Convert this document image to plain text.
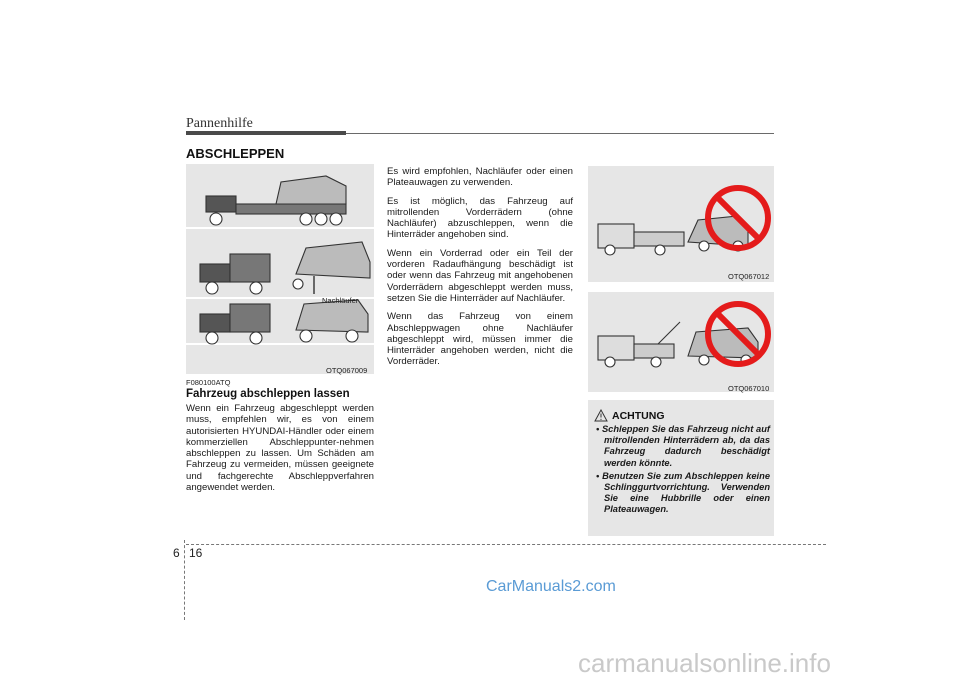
Pannenhilfe
ABSCHLEPPEN
Nachläufer
OTQ067009
OTQ067012
OTQ067010
F080100ATQ
Fahrzeug abschleppen lassen
Wenn ein Fahrzeug abgeschleppt werden muss, empfehlen wir, es von einem autorisierten HYUNDAI-Händler oder einem kommerziellen Abschleppunter-nehmen abschleppen zu lassen. Um Schäden am Fahrzeug zu vermeiden, müssen geeignete und fachgerechte Abschleppverfahren angewendet werden.

Es wird empfohlen, Nachläufer oder einen Plateauwagen zu verwenden.

Es ist möglich, das Fahrzeug auf mitrollenden Vorderrädern (ohne Nachläufer) abzuschleppen, wenn die Hinterräder angehoben sind.

Wenn ein Vorderrad oder ein Teil der vorderen Radaufhängung beschädigt ist oder wenn das Fahrzeug mit angehobenen Vorderrädern abgeschleppt werden muss, setzen Sie die Hinterräder auf Nachläufer.

Wenn das Fahrzeug von einem Abschleppwagen ohne Nachläufer abgeschleppt wird, müssen immer die Hinterräder angehoben werden, nicht die Vorderräder.

ACHTUNG
• Schleppen Sie das Fahrzeug nicht auf mitrollenden Hinterrädern ab, da das Fahrzeug dadurch beschädigt werden könnte.
• Benutzen Sie zum Abschleppen keine Schlinggurtvorrichtung. Verwenden Sie eine Hubbrille oder einen Plateauwagen.
6 16
CarManuals2.com
carmanualsonline.info
